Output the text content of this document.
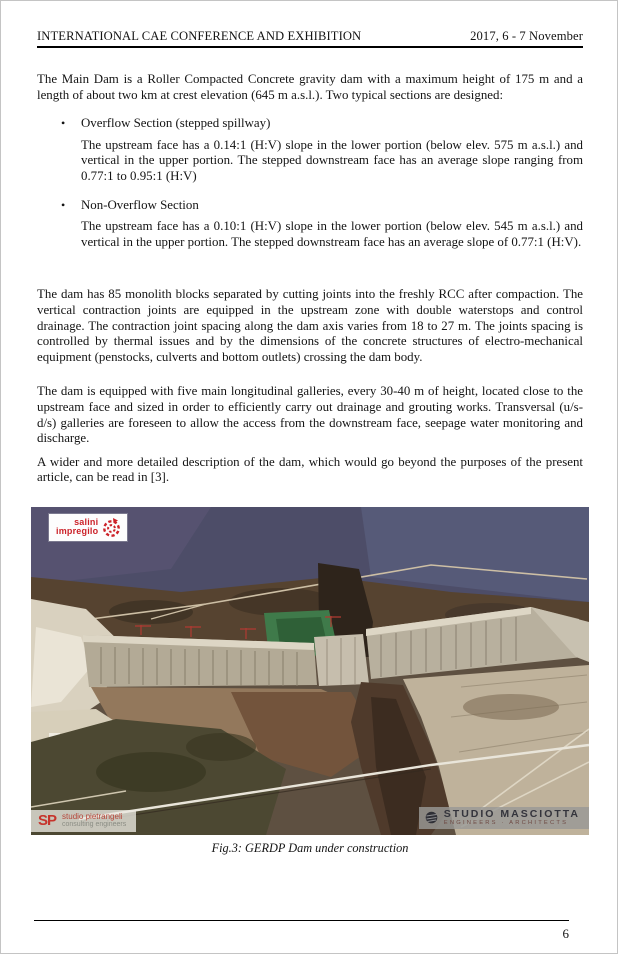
INTERNATIONAL CAE CONFERENCE AND EXHIBITION	2017, 6 - 7 November

The Main Dam is a Roller Compacted Concrete gravity dam with a maximum height of 175 m and a length of about two km at crest elevation (645 m a.s.l.). Two typical sections are designed:

•	Overflow Section (stepped spillway)

The upstream face has a 0.14:1 (H:V) slope in the lower portion (below elev. 575 m a.s.l.) and vertical in the upper portion. The stepped downstream face has an average slope ranging from 0.77:1 to 0.95:1 (H:V)

•	Non-Overflow Section

The upstream face has a 0.10:1 (H:V) slope in the lower portion (below elev. 545 m a.s.l.) and vertical in the upper portion. The stepped downstream face has an average slope of 0.77:1 (H:V).

The dam has 85 monolith blocks separated by cutting joints into the freshly RCC after compaction. The vertical contraction joints are equipped in the upstream zone with double waterstops and control drainage. The contraction joint spacing along the dam axis varies from 18 to 27 m. The joints spacing is controlled by thermal issues and by the dimensions of the concrete structures of electro-mechanical equipment (penstocks, culverts and bottom outlets) crossing the dam body.

The dam is equipped with five main longitudinal galleries, every 30-40 m of height, located close to the upstream face and sized in order to efficiently carry out drainage and grouting works. Transversal (u/s-d/s) galleries are foreseen to allow the access from the downstream face, seepage water monitoring and discharge.

A wider and more detailed description of the dam, which would go beyond the purposes of the present article, can be read in [3].

salini
impregilo
SP studio pietrangeli
consulting engineers
STUDIO MASCIOTTA
ENGINEERS · ARCHITECTS
Fig.3: GERDP Dam under construction
6
